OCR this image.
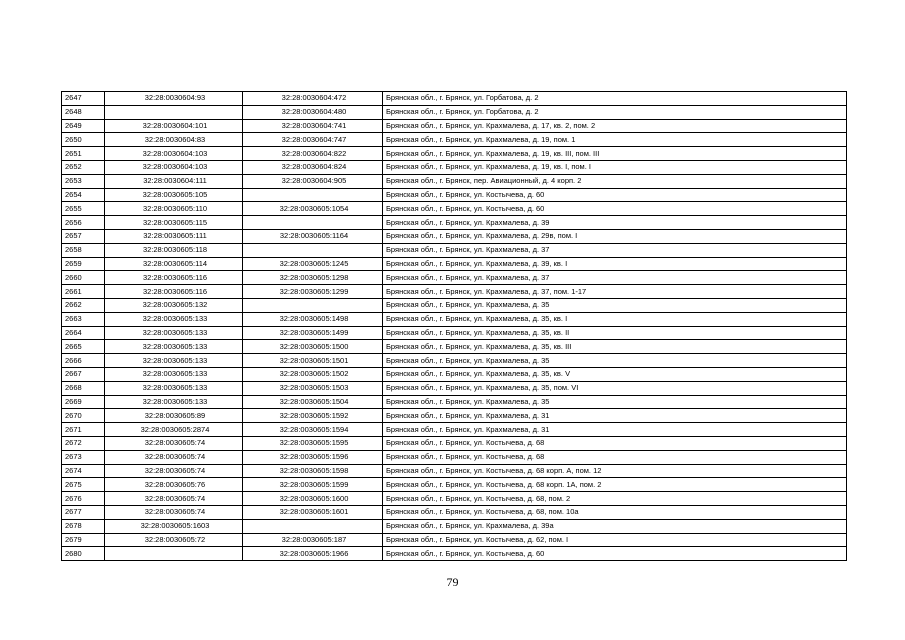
2647	32:28:0030604:93	32:28:0030604:472	Брянская обл., г. Брянск, ул. Горбатова, д. 2
2648		32:28:0030604:480	Брянская обл., г. Брянск, ул. Горбатова, д. 2
2649	32:28:0030604:101	32:28:0030604:741	Брянская обл., г. Брянск, ул. Крахмалева, д. 17, кв. 2, пом. 2
2650	32:28:0030604:83	32:28:0030604:747	Брянская обл., г. Брянск, ул. Крахмалева, д. 19, пом. 1
2651	32:28:0030604:103	32:28:0030604:822	Брянская обл., г. Брянск, ул. Крахмалева, д. 19, кв. III, пом. III
2652	32:28:0030604:103	32:28:0030604:824	Брянская обл., г. Брянск, ул. Крахмалева, д. 19, кв. I, пом. I
2653	32:28:0030604:111	32:28:0030604:905	Брянская обл., г. Брянск, пер. Авиационный, д. 4 корп. 2
2654	32:28:0030605:105		Брянская обл., г. Брянск, ул. Костычева, д. 60
2655	32:28:0030605:110	32:28:0030605:1054	Брянская обл., г. Брянск, ул. Костычева, д. 60
2656	32:28:0030605:115		Брянская обл., г. Брянск, ул. Крахмалева, д. 39
2657	32:28:0030605:111	32:28:0030605:1164	Брянская обл., г. Брянск, ул. Крахмалева, д. 29в, пом. I
2658	32:28:0030605:118		Брянская обл., г. Брянск, ул. Крахмалева, д. 37
2659	32:28:0030605:114	32:28:0030605:1245	Брянская обл., г. Брянск, ул. Крахмалева, д. 39, кв. I
2660	32:28:0030605:116	32:28:0030605:1298	Брянская обл., г. Брянск, ул. Крахмалева, д. 37
2661	32:28:0030605:116	32:28:0030605:1299	Брянская обл., г. Брянск, ул. Крахмалева, д. 37, пом. 1-17
2662	32:28:0030605:132		Брянская обл., г. Брянск, ул. Крахмалева, д. 35
2663	32:28:0030605:133	32:28:0030605:1498	Брянская обл., г. Брянск, ул. Крахмалева, д. 35, кв. I
2664	32:28:0030605:133	32:28:0030605:1499	Брянская обл., г. Брянск, ул. Крахмалева, д. 35, кв. II
2665	32:28:0030605:133	32:28:0030605:1500	Брянская обл., г. Брянск, ул. Крахмалева, д. 35, кв. III
2666	32:28:0030605:133	32:28:0030605:1501	Брянская обл., г. Брянск, ул. Крахмалева, д. 35
2667	32:28:0030605:133	32:28:0030605:1502	Брянская обл., г. Брянск, ул. Крахмалева, д. 35, кв. V
2668	32:28:0030605:133	32:28:0030605:1503	Брянская обл., г. Брянск, ул. Крахмалева, д. 35, пом. VI
2669	32:28:0030605:133	32:28:0030605:1504	Брянская обл., г. Брянск, ул. Крахмалева, д. 35
2670	32:28:0030605:89	32:28:0030605:1592	Брянская обл., г. Брянск, ул. Крахмалева, д. 31
2671	32:28:0030605:2874	32:28:0030605:1594	Брянская обл., г. Брянск, ул. Крахмалева, д. 31
2672	32:28:0030605:74	32:28:0030605:1595	Брянская обл., г. Брянск, ул. Костычева, д. 68
2673	32:28:0030605:74	32:28:0030605:1596	Брянская обл., г. Брянск, ул. Костычева, д. 68
2674	32:28:0030605:74	32:28:0030605:1598	Брянская обл., г. Брянск, ул. Костычева, д. 68 корп. А, пом. 12
2675	32:28:0030605:76	32:28:0030605:1599	Брянская обл., г. Брянск, ул. Костычева, д. 68 корп. 1А, пом. 2
2676	32:28:0030605:74	32:28:0030605:1600	Брянская обл., г. Брянск, ул. Костычева, д. 68, пом. 2
2677	32:28:0030605:74	32:28:0030605:1601	Брянская обл., г. Брянск, ул. Костычева, д. 68, пом. 10а
2678	32:28:0030605:1603		Брянская обл., г. Брянск, ул. Крахмалева, д. 39а
2679	32:28:0030605:72	32:28:0030605:187	Брянская обл., г. Брянск, ул. Костычева, д. 62, пом. I
2680		32:28:0030605:1966	Брянская обл., г. Брянск, ул. Костычева, д. 60
79
